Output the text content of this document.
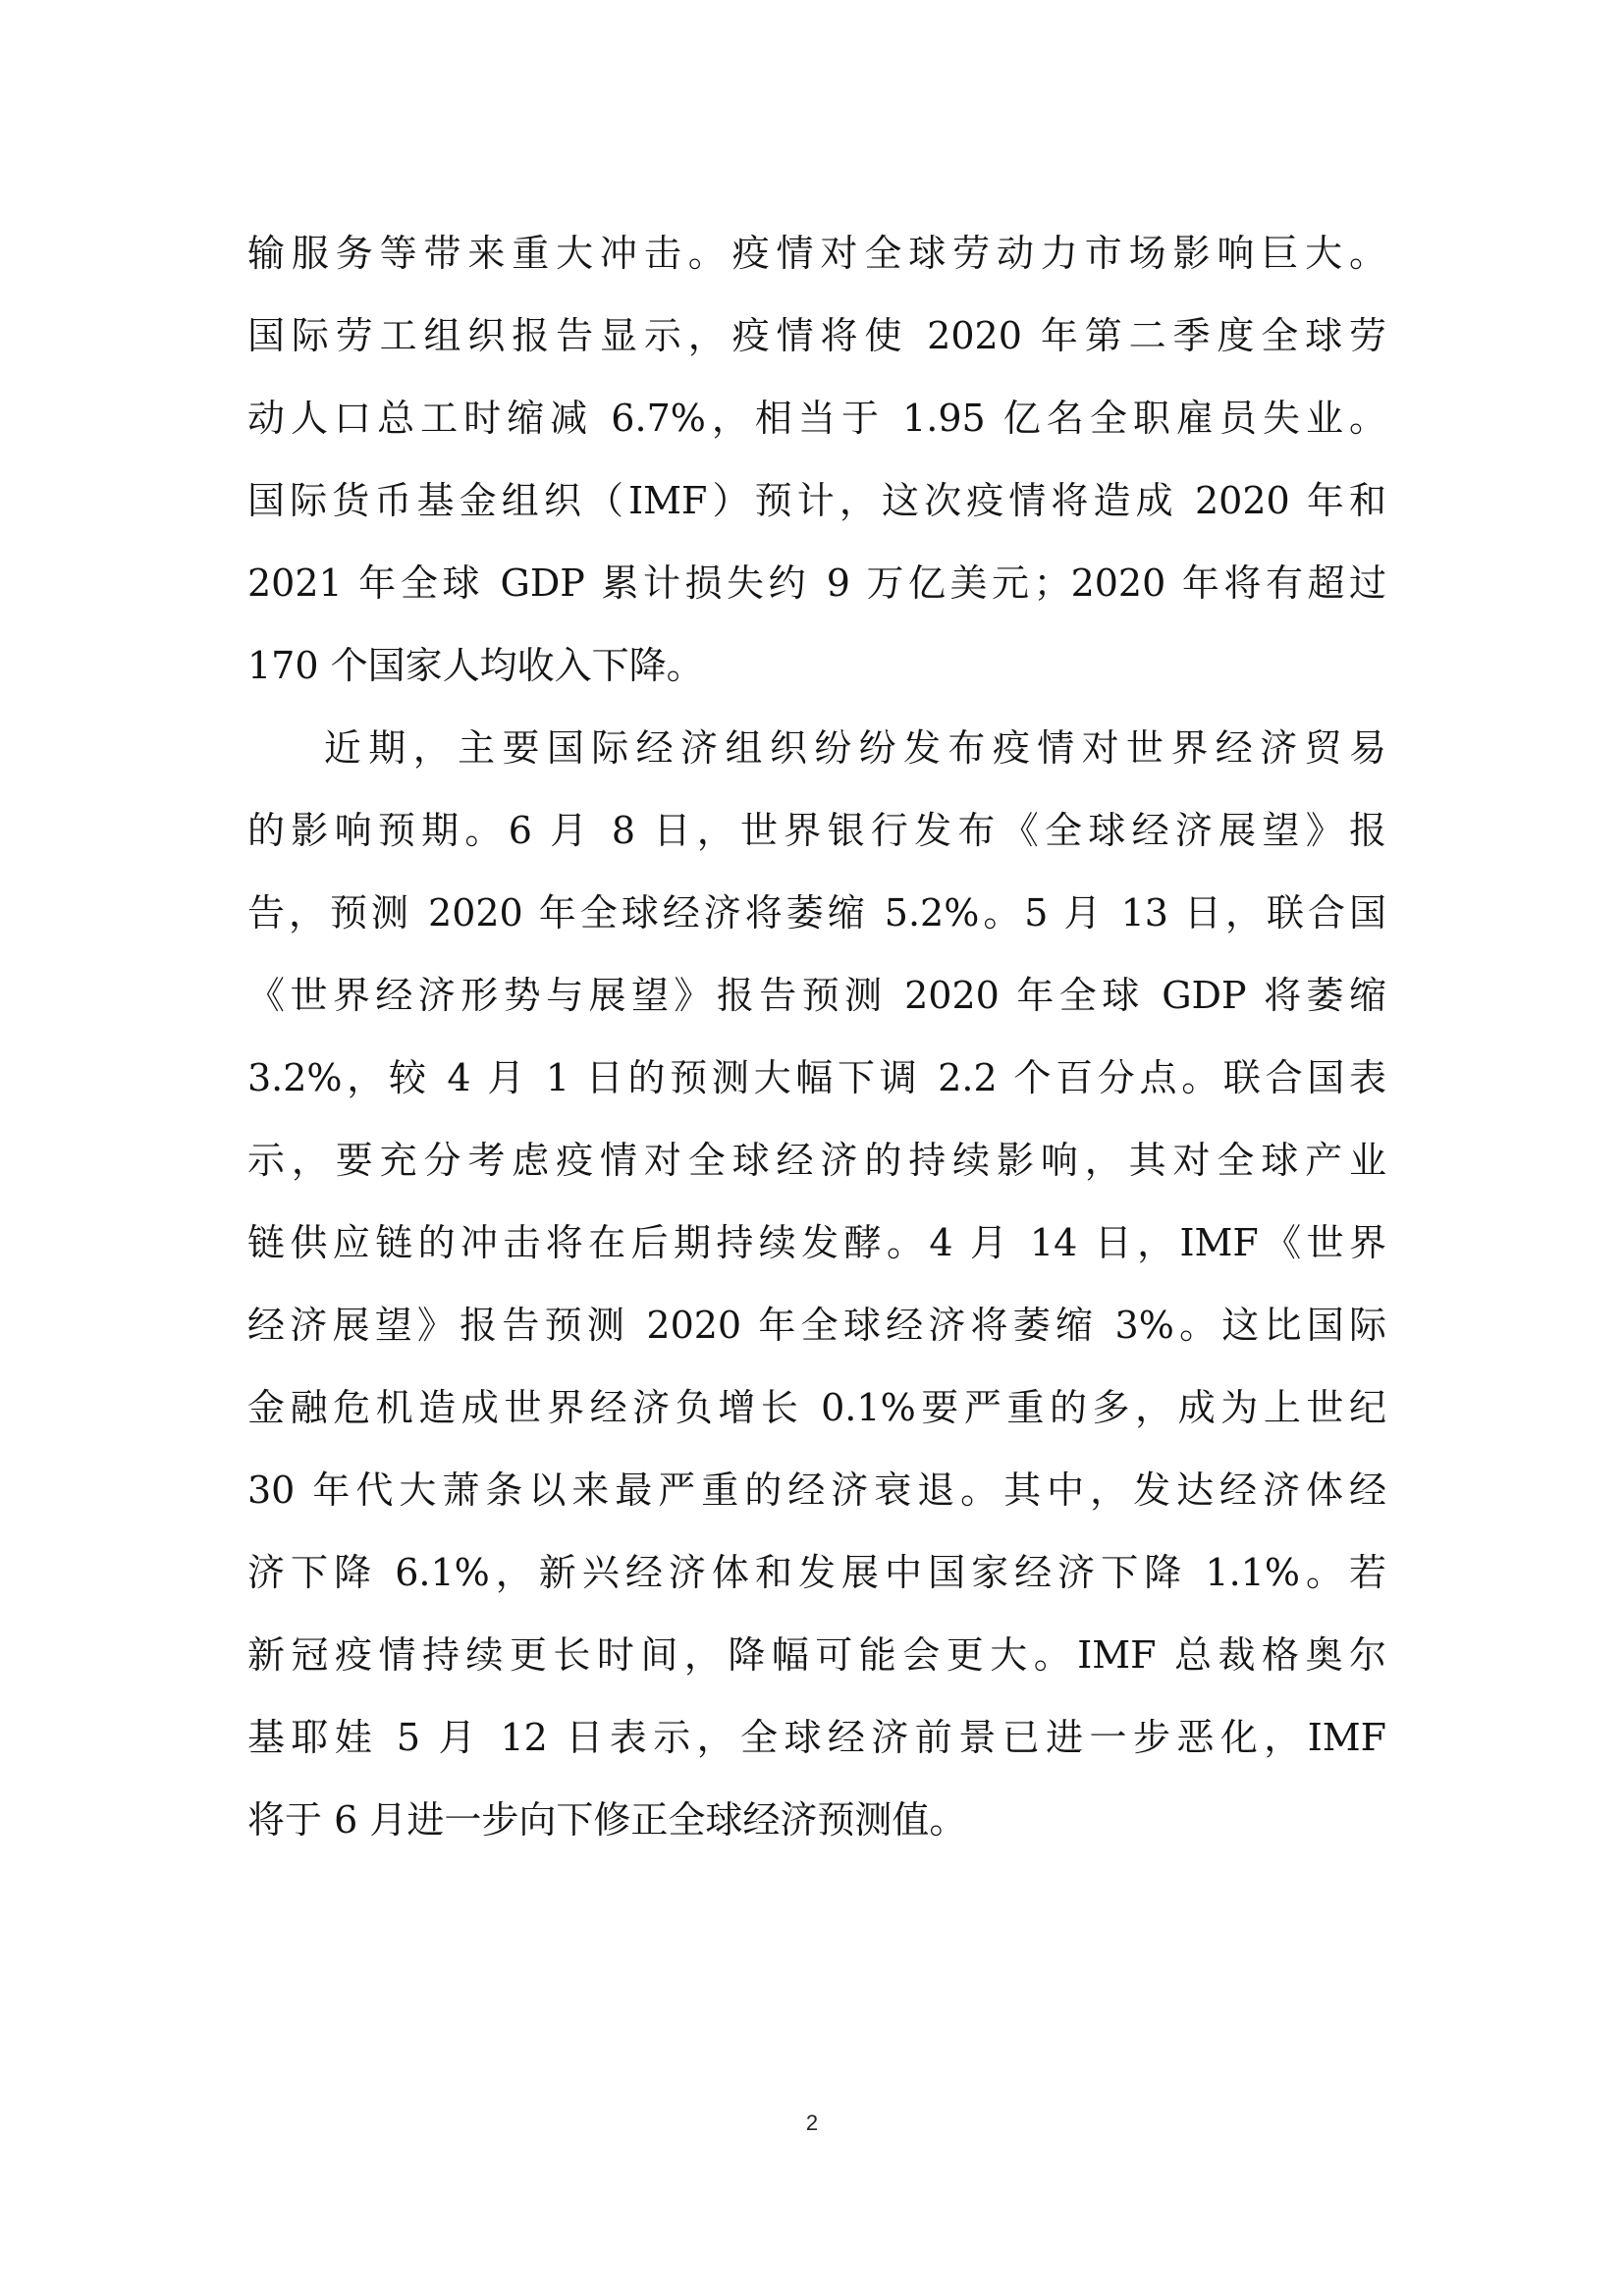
输服务等带来重大冲击。疫情对全球劳动力市场影响巨大。
国际劳工组织报告显示，疫情将使 2020 年第二季度全球劳
动人口总工时缩减 6.7%，相当于 1.95 亿名全职雇员失业。
国际货币基金组织（IMF）预计，这次疫情将造成 2020 年和
2021 年全球 GDP 累计损失约 9 万亿美元；2020 年将有超过
170 个国家人均收入下降。
近期，主要国际经济组织纷纷发布疫情对世界经济贸易
的影响预期。6 月 8 日，世界银行发布《全球经济展望》报
告，预测 2020 年全球经济将萎缩 5.2%。5 月 13 日，联合国
《世界经济形势与展望》报告预测 2020 年全球 GDP 将萎缩
3.2%，较 4 月 1 日的预测大幅下调 2.2 个百分点。联合国表
示，要充分考虑疫情对全球经济的持续影响，其对全球产业
链供应链的冲击将在后期持续发酵。4 月 14 日，IMF《世界
经济展望》报告预测 2020 年全球经济将萎缩 3%。这比国际
金融危机造成世界经济负增长 0.1%要严重的多，成为上世纪
30 年代大萧条以来最严重的经济衰退。其中，发达经济体经
济下降 6.1%，新兴经济体和发展中国家经济下降 1.1%。若
新冠疫情持续更长时间，降幅可能会更大。IMF 总裁格奥尔
基耶娃 5 月 12 日表示，全球经济前景已进一步恶化，IMF
将于 6 月进一步向下修正全球经济预测值。
2
